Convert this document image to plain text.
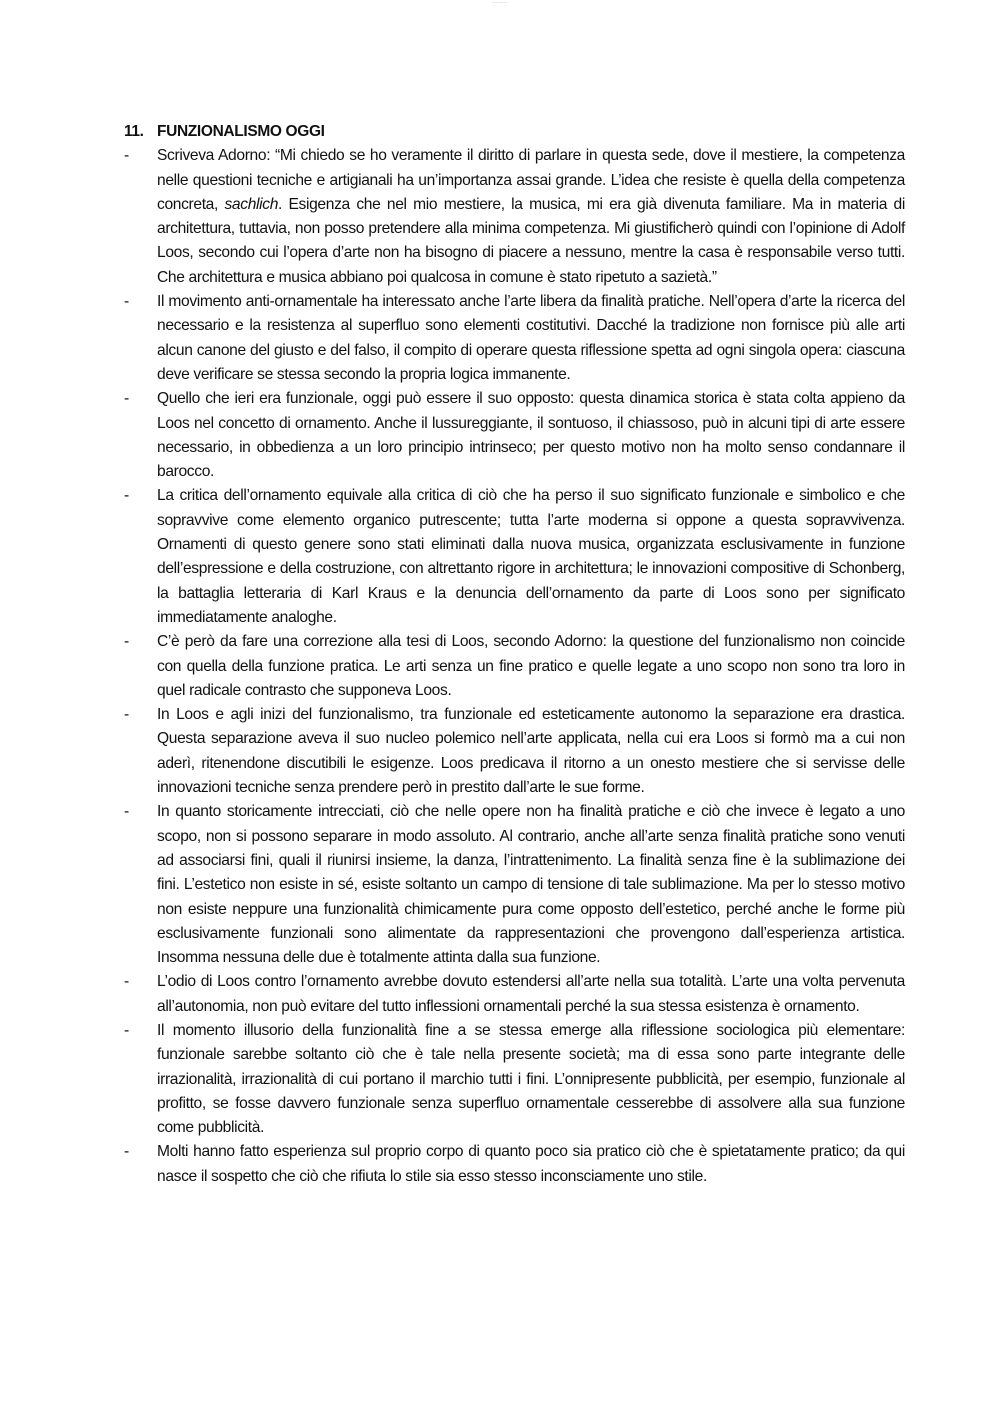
── ───
11. FUNZIONALISMO OGGI
-	Scriveva Adorno: “Mi chiedo se ho veramente il diritto di parlare in questa sede, dove il mestiere, la competenza nelle questioni tecniche e artigianali ha un’importanza assai grande. L’idea che resiste è quella della competenza concreta, sachlich. Esigenza che nel mio mestiere, la musica, mi era già divenuta familiare. Ma in materia di architettura, tuttavia, non posso pretendere alla minima competenza. Mi giustificherò quindi con l’opinione di Adolf Loos, secondo cui l’opera d’arte non ha bisogno di piacere a nessuno, mentre la casa è responsabile verso tutti. Che architettura e musica abbiano poi qualcosa in comune è stato ripetuto a sazietà.”
-	Il movimento anti-ornamentale ha interessato anche l’arte libera da finalità pratiche. Nell’opera d’arte la ricerca del necessario e la resistenza al superfluo sono elementi costitutivi. Dacché la tradizione non fornisce più alle arti alcun canone del giusto e del falso, il compito di operare questa riflessione spetta ad ogni singola opera: ciascuna deve verificare se stessa secondo la propria logica immanente.
-	Quello che ieri era funzionale, oggi può essere il suo opposto: questa dinamica storica è stata colta appieno da Loos nel concetto di ornamento. Anche il lussureggiante, il sontuoso, il chiassoso, può in alcuni tipi di arte essere necessario, in obbedienza a un loro principio intrinseco; per questo motivo non ha molto senso condannare il barocco.
-	La critica dell’ornamento equivale alla critica di ciò che ha perso il suo significato funzionale e simbolico e che sopravvive come elemento organico putrescente; tutta l’arte moderna si oppone a questa sopravvivenza. Ornamenti di questo genere sono stati eliminati dalla nuova musica, organizzata esclusivamente in funzione dell’espressione e della costruzione, con altrettanto rigore in architettura; le innovazioni compositive di Schonberg, la battaglia letteraria di Karl Kraus e la denuncia dell’ornamento da parte di Loos sono per significato immediatamente analoghe.
-	C’è però da fare una correzione alla tesi di Loos, secondo Adorno: la questione del funzionalismo non coincide con quella della funzione pratica. Le arti senza un fine pratico e quelle legate a uno scopo non sono tra loro in quel radicale contrasto che supponeva Loos.
-	In Loos e agli inizi del funzionalismo, tra funzionale ed esteticamente autonomo la separazione era drastica. Questa separazione aveva il suo nucleo polemico nell’arte applicata, nella cui era Loos si formò ma a cui non aderì, ritenendone discutibili le esigenze. Loos predicava il ritorno a un onesto mestiere che si servisse delle innovazioni tecniche senza prendere però in prestito dall’arte le sue forme.
-	In quanto storicamente intrecciati, ciò che nelle opere non ha finalità pratiche e ciò che invece è legato a uno scopo, non si possono separare in modo assoluto. Al contrario, anche all’arte senza finalità pratiche sono venuti ad associarsi fini, quali il riunirsi insieme, la danza, l’intrattenimento. La finalità senza fine è la sublimazione dei fini. L’estetico non esiste in sé, esiste soltanto un campo di tensione di tale sublimazione. Ma per lo stesso motivo non esiste neppure una funzionalità chimicamente pura come opposto dell’estetico, perché anche le forme più esclusivamente funzionali sono alimentate da rappresentazioni che provengono dall’esperienza artistica. Insomma nessuna delle due è totalmente attinta dalla sua funzione.
-	L’odio di Loos contro l’ornamento avrebbe dovuto estendersi all’arte nella sua totalità. L’arte una volta pervenuta all’autonomia, non può evitare del tutto inflessioni ornamentali perché la sua stessa esistenza è ornamento.
-	Il momento illusorio della funzionalità fine a se stessa emerge alla riflessione sociologica più elementare: funzionale sarebbe soltanto ciò che è tale nella presente società; ma di essa sono parte integrante delle irrazionalità, irrazionalità di cui portano il marchio tutti i fini. L’onnipresente pubblicità, per esempio, funzionale al profitto, se fosse davvero funzionale senza superfluo ornamentale cesserebbe di assolvere alla sua funzione come pubblicità.
-	Molti hanno fatto esperienza sul proprio corpo di quanto poco sia pratico ciò che è spietatamente pratico; da qui nasce il sospetto che ciò che rifiuta lo stile sia esso stesso inconsciamente uno stile.
